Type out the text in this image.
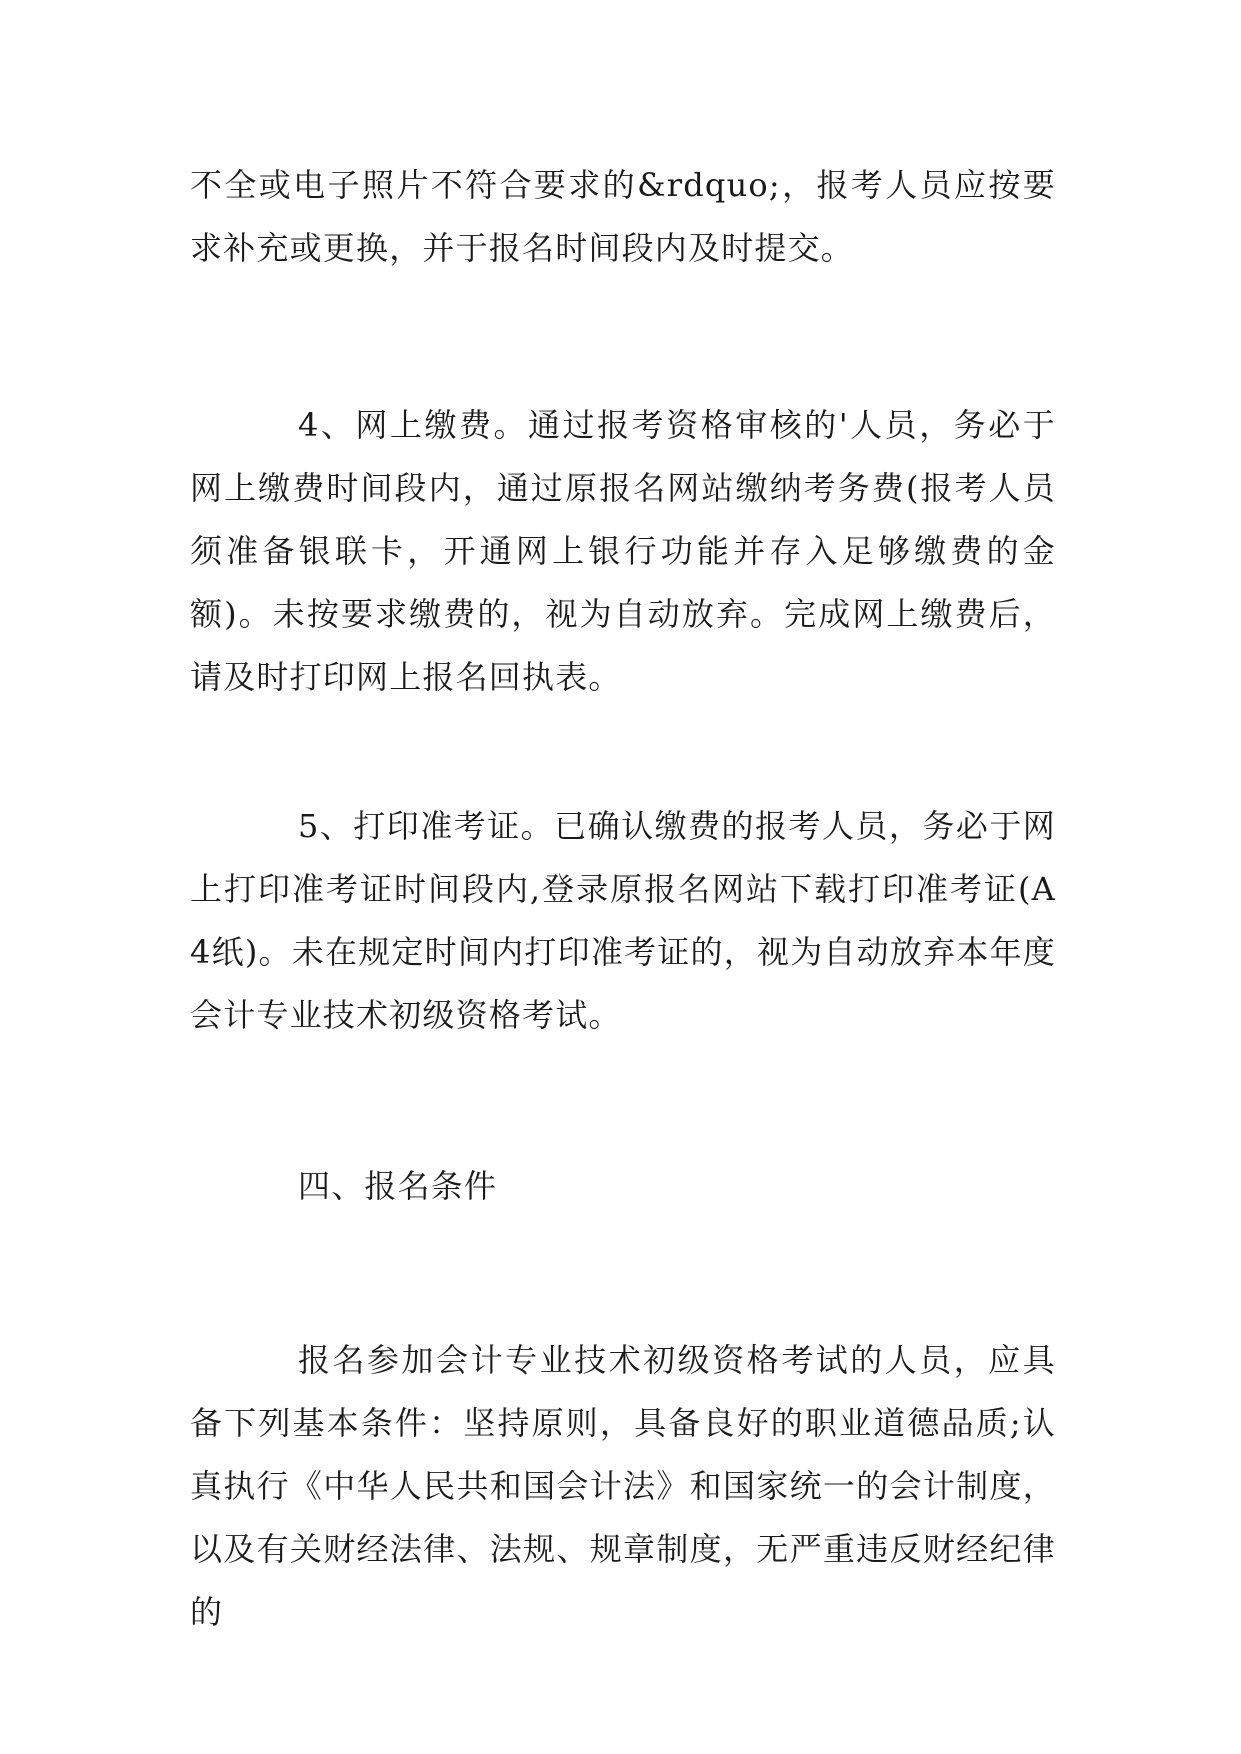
不全或电子照片不符合要求的&rdquo;，报考人员应按要求补充或更换，并于报名时间段内及时提交。

4、网上缴费。通过报考资格审核的'人员，务必于网上缴费时间段内，通过原报名网站缴纳考务费(报考人员须准备银联卡，开通网上银行功能并存入足够缴费的金额)。未按要求缴费的，视为自动放弃。完成网上缴费后，请及时打印网上报名回执表。

5、打印准考证。已确认缴费的报考人员，务必于网上打印准考证时间段内,登录原报名网站下载打印准考证(A4纸)。未在规定时间内打印准考证的，视为自动放弃本年度会计专业技术初级资格考试。

四、报名条件

报名参加会计专业技术初级资格考试的人员，应具备下列基本条件：坚持原则，具备良好的职业道德品质;认真执行《中华人民共和国会计法》和国家统一的会计制度，以及有关财经法律、法规、规章制度，无严重违反财经纪律的
